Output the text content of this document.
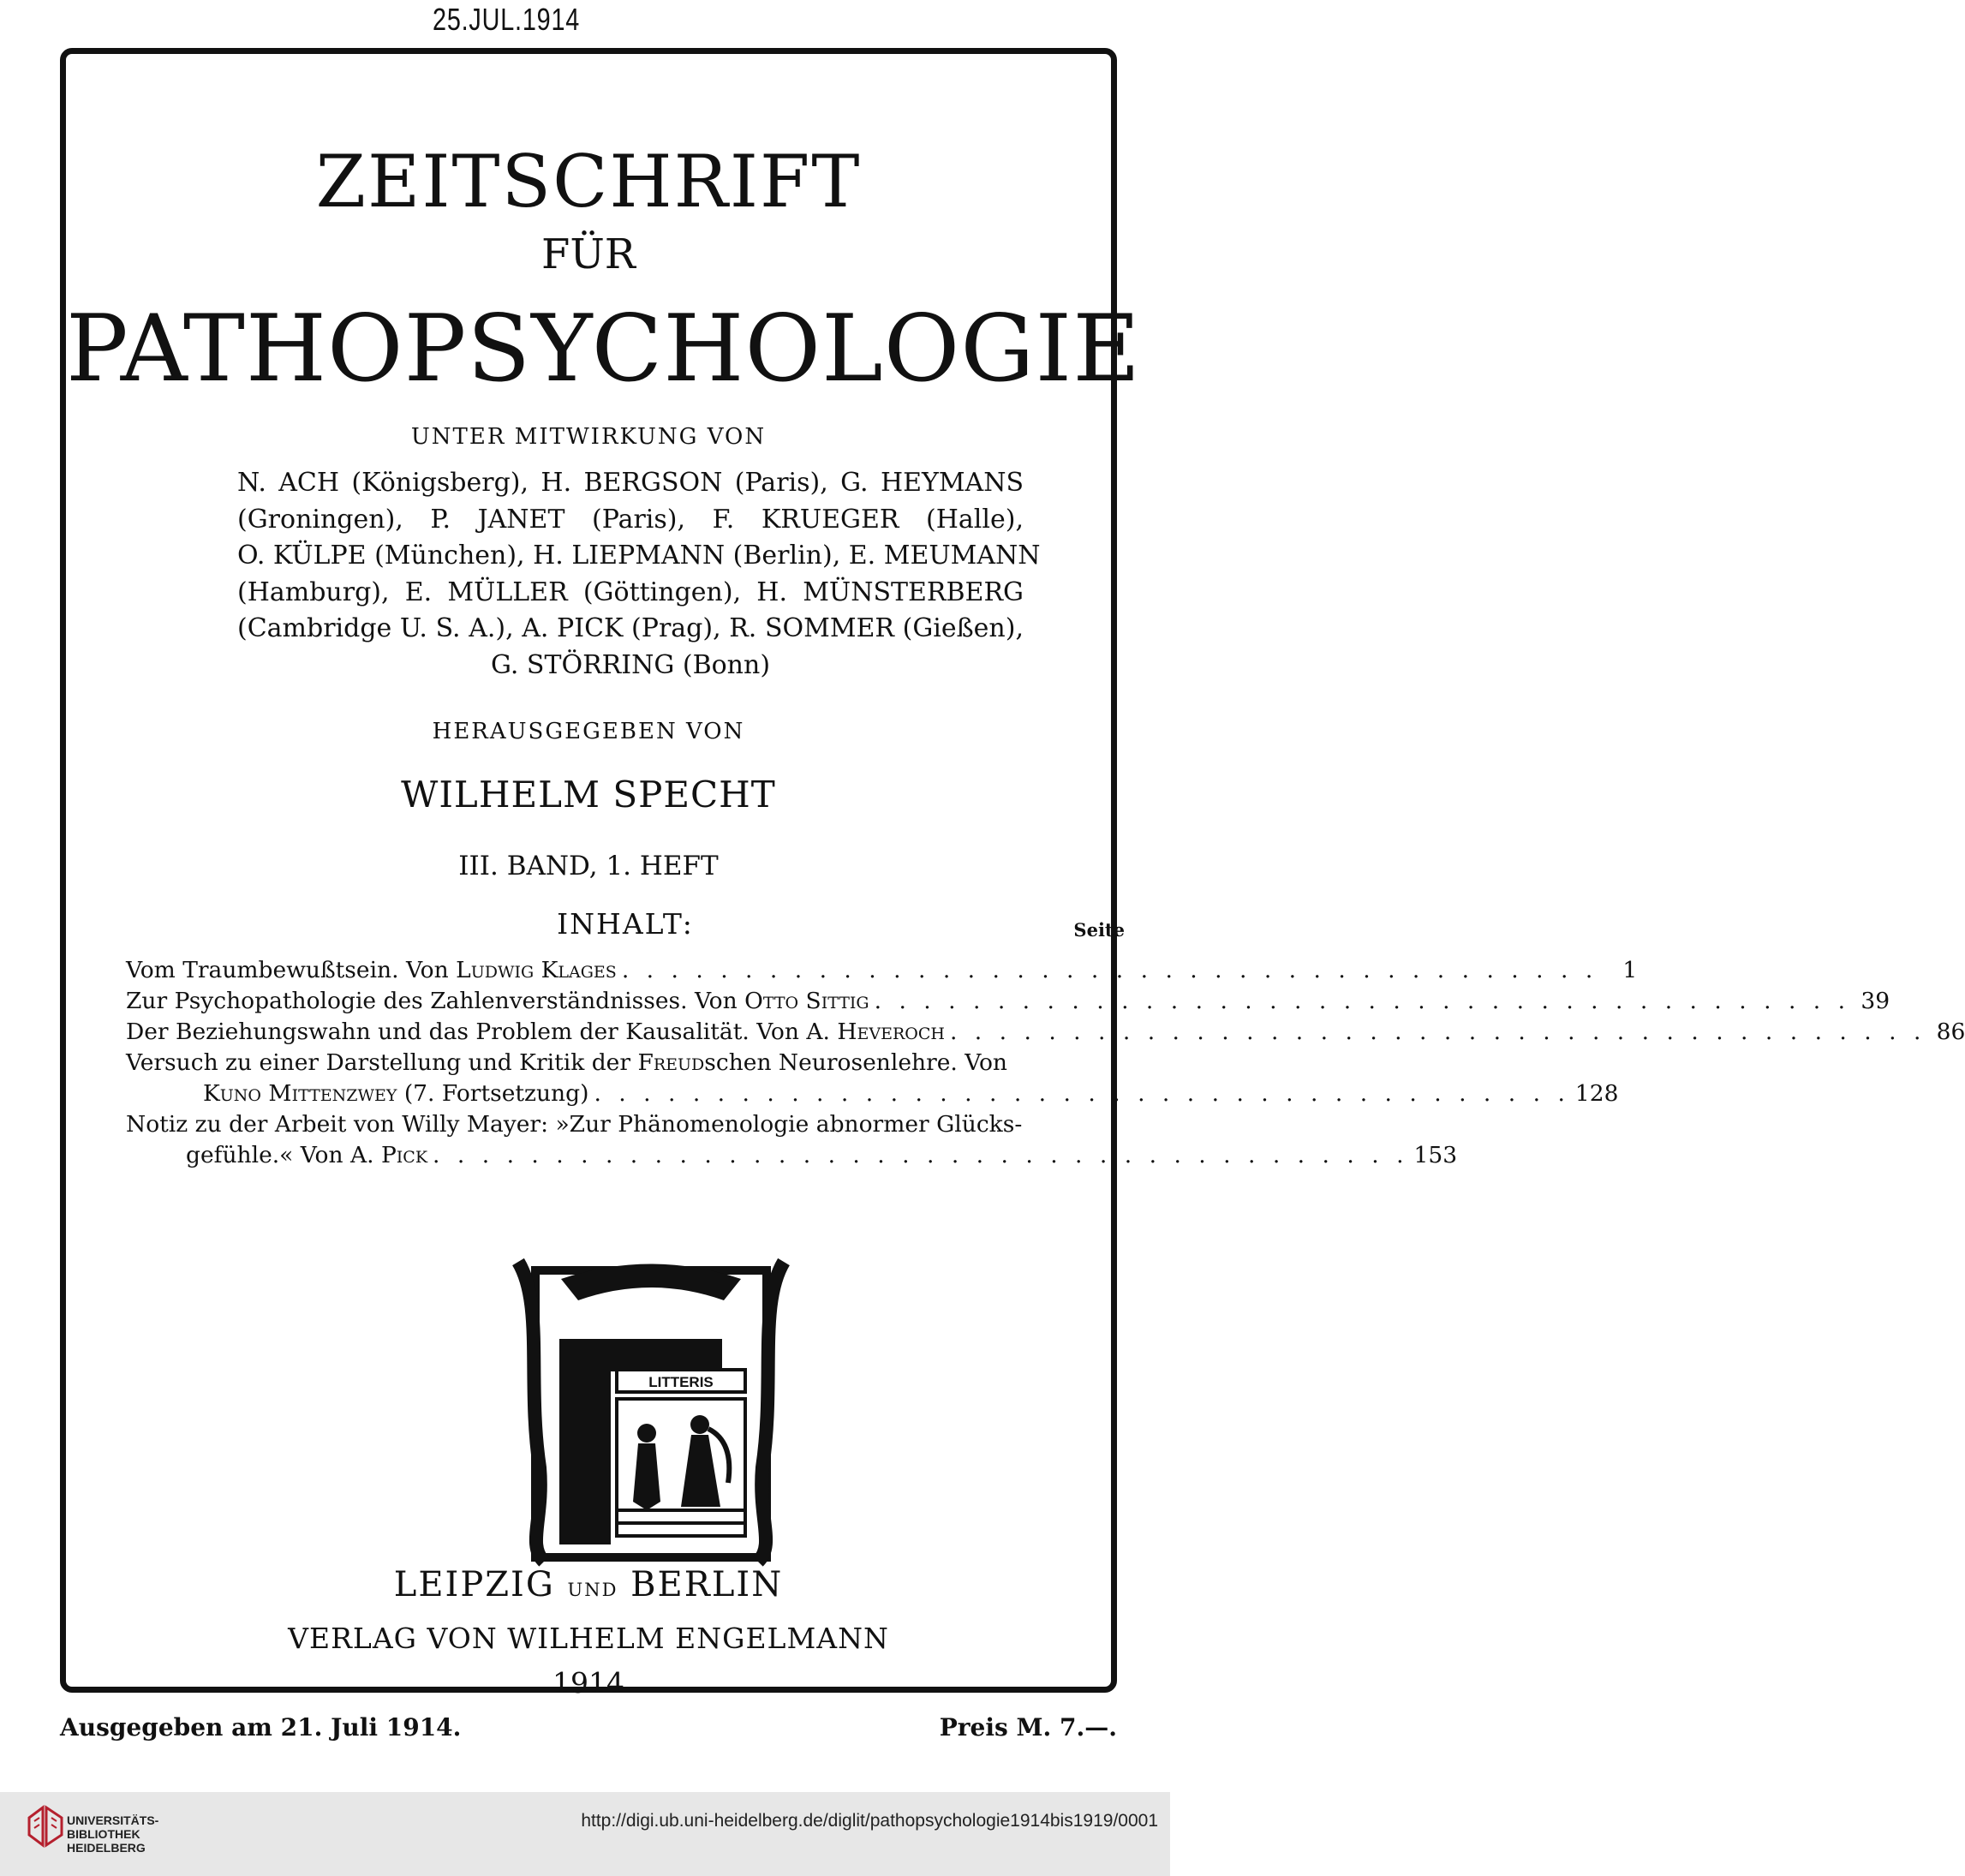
25.JUL.1914
ZEITSCHRIFT
FÜR
PATHOPSYCHOLOGIE
UNTER MITWIRKUNG VON
N. ACH (Königsberg), H. BERGSON (Paris), G. HEYMANS
(Groningen), P. JANET (Paris), F. KRUEGER (Halle),
O. KÜLPE (München), H. LIEPMANN (Berlin), E. MEUMANN
(Hamburg), E. MÜLLER (Göttingen), H. MÜNSTERBERG
(Cambridge U. S. A.), A. PICK (Prag), R. SOMMER (Gießen),
G. STÖRRING (Bonn)
HERAUSGEGEBEN VON
WILHELM SPECHT
III. BAND, 1. HEFT
INHALT:	Seite
Vom Traumbewußtsein. Von Ludwig Klages . . . . . . . . . . . . . . . . . . . . . . . . . . . . . . . . . . . . . . . .	1
Zur Psychopathologie des Zahlenverständnisses. Von Otto Sittig . . . . . . . . . . . . . . . . . . . . . . . . . . . . . . . . . . . . . . . . 39
Der Beziehungswahn und das Problem der Kausalität. Von A. Heveroch . . . . . . . . . . . . . . . . . . . . . . . . . . . . . . . . . . . . . . . . 86
Versuch zu einer Darstellung und Kritik der Freudschen Neurosenlehre. Von
Kuno Mittenzwey (7. Fortsetzung) . . . . . . . . . . . . . . . . . . . . . . . . . . . . . . . . . . . . . . . . 128
Notiz zu der Arbeit von Willy Mayer: »Zur Phänomenologie abnormer Glücks-
gefühle.« Von A. Pick . . . . . . . . . . . . . . . . . . . . . . . . . . . . . . . . . . . . . . . . 153
LITTERIS
LEIPZIG und BERLIN
VERLAG VON WILHELM ENGELMANN
1914
Ausgegeben am 21. Juli 1914.	Preis M. 7.—.
UNIVERSITÄTS-
BIBLIOTHEK
HEIDELBERG
http://digi.ub.uni-heidelberg.de/diglit/pathopsychologie1914bis1919/0001
